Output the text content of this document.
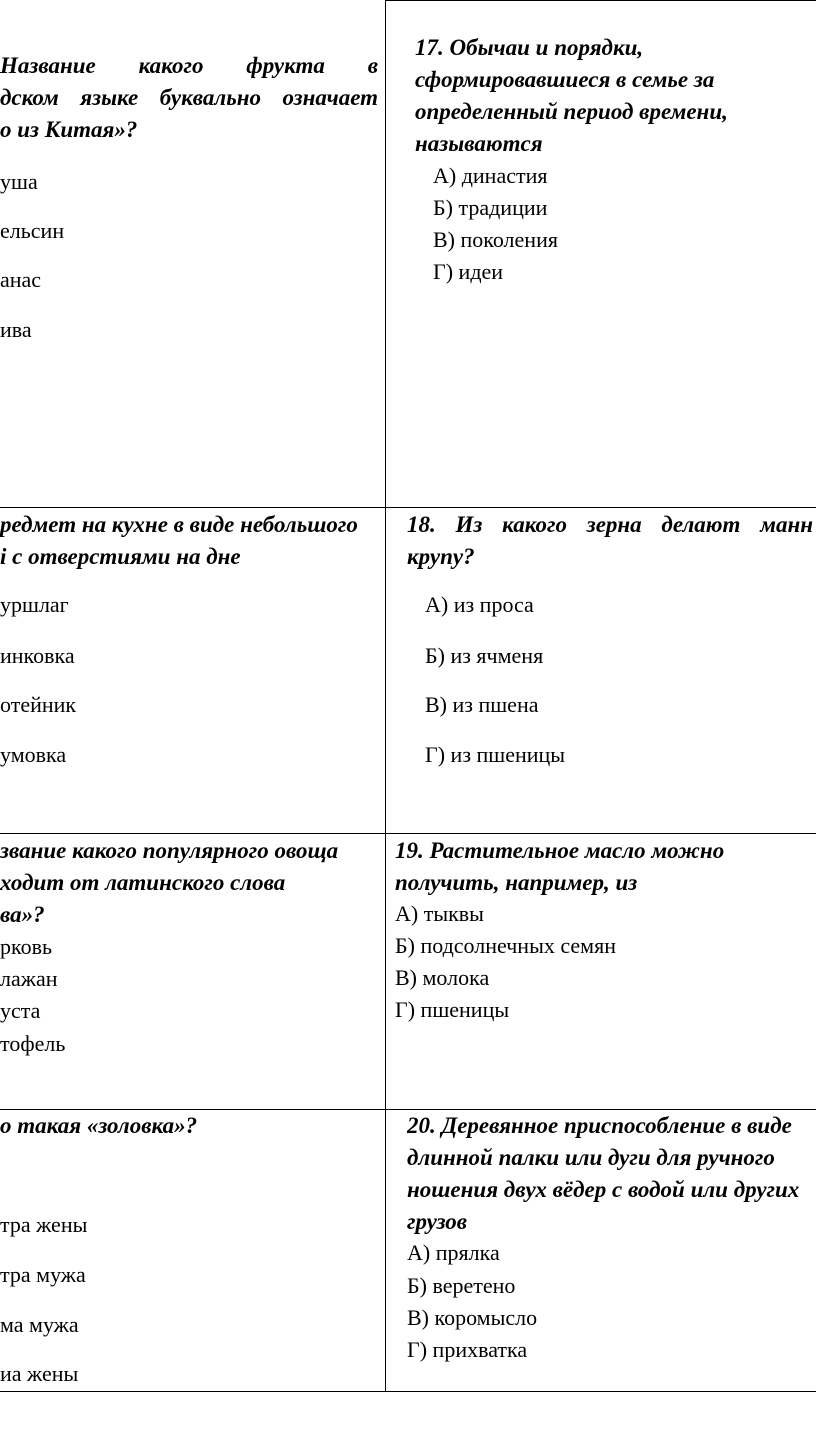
Название какого фрукта в

дском языке буквально означает

о из Китая»?

уша

ельсин

анас

ива

редмет на кухне в виде небольшого

і с отверстиями на дне

уршлаг

инковка

отейник

умовка

звание какого популярного овоща

ходит от латинского слова

ва»?

рковь

лажан

уста

тофель

о такая «золовка»?

тра жены

тра мужа

ма мужа

иа жены

17. Обычаи и порядки,

сформировавшиеся в семье за

определенный период времени,

называются

А) династия

Б) традиции

В) поколения

Г) идеи

18. Из какого зерна делают манн

крупу?

А) из проса

Б) из ячменя

В) из пшена

Г) из пшеницы

19. Растительное масло можно

получить, например, из

А) тыквы

Б) подсолнечных семян

В) молока

Г) пшеницы

20. Деревянное приспособление в виде

длинной палки или дуги для ручного

ношения двух вёдер с водой или других

грузов

А) прялка

Б) веретено

В) коромысло

Г) прихватка
